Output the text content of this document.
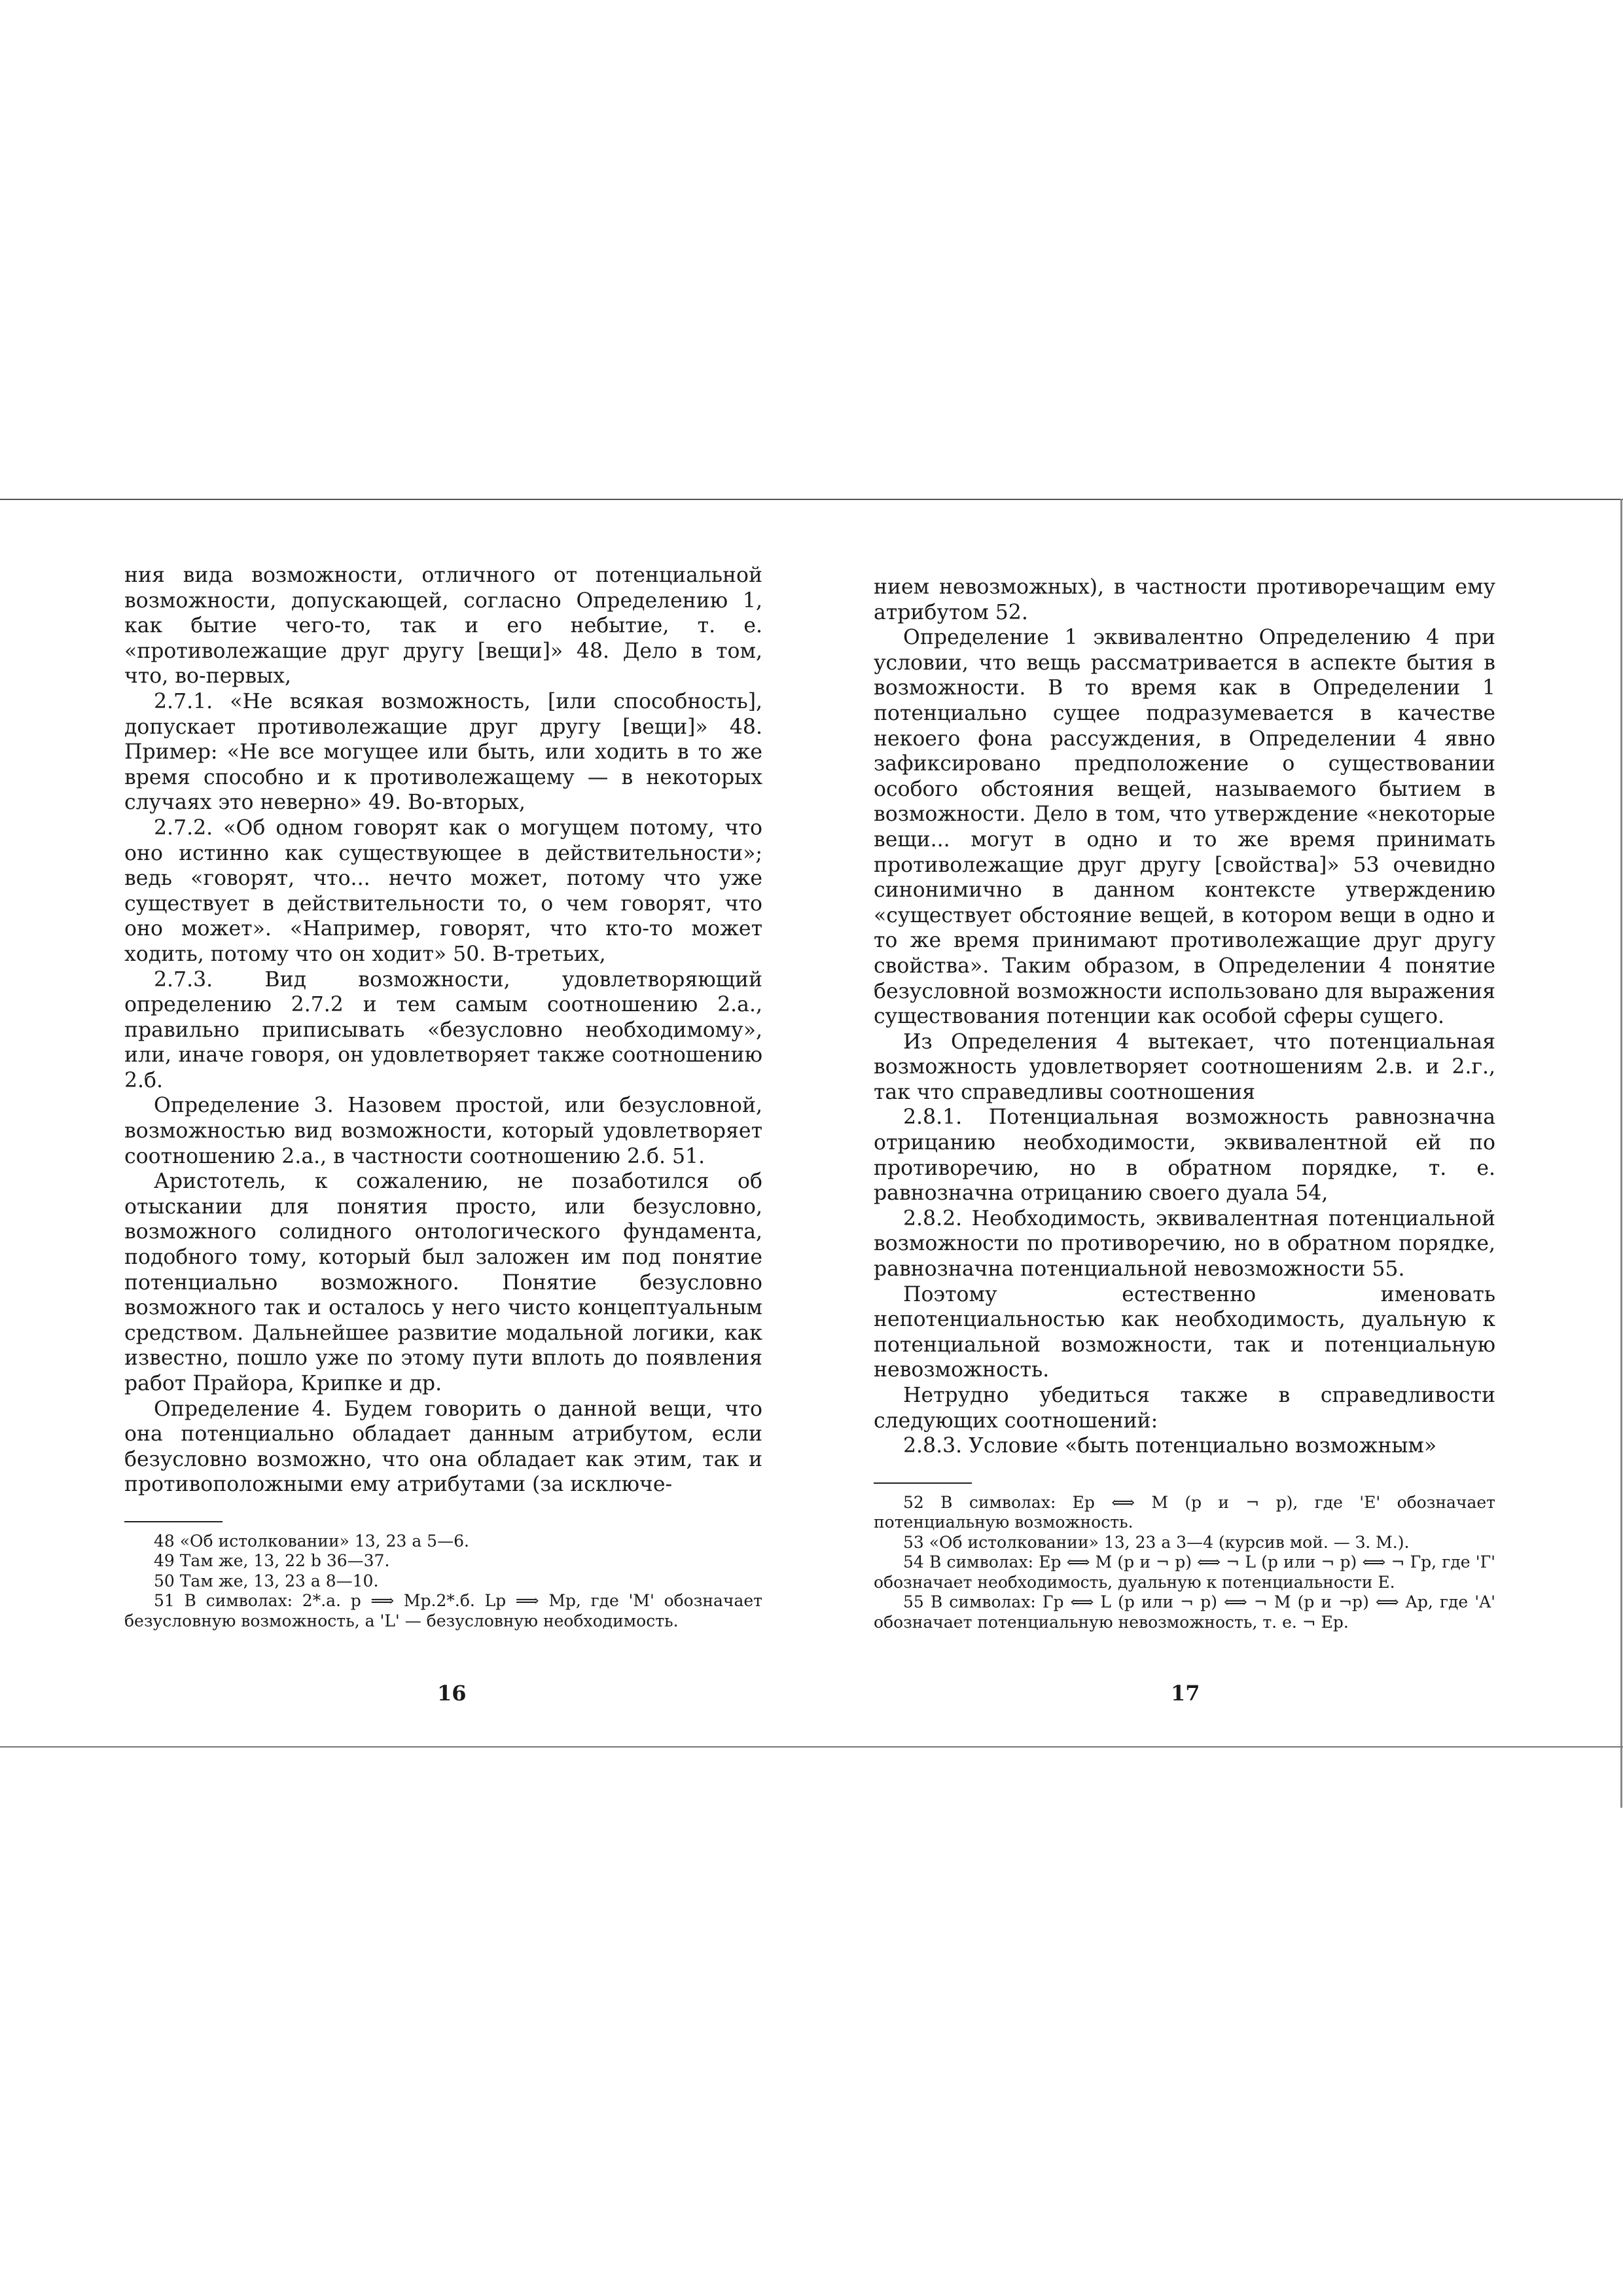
ния вида возможности, отличного от потенциальной возможности, допускающей, согласно Определению 1, как бытие чего-то, так и его небытие, т. е. «противолежащие друг другу [вещи]» 48. Дело в том, что, во-первых,

2.7.1. «Не всякая возможность, [или способность], допускает противолежащие друг другу [вещи]» 48. Пример: «Не все могущее или быть, или ходить в то же время способно и к противолежащему — в некоторых случаях это неверно» 49. Во-вторых,

2.7.2. «Об одном говорят как о могущем потому, что оно истинно как существующее в действительности»; ведь «говорят, что... нечто может, потому что уже существует в действительности то, о чем говорят, что оно может». «Например, говорят, что кто-то может ходить, потому что он ходит» 50. В-третьих,

2.7.3. Вид возможности, удовлетворяющий определению 2.7.2 и тем самым соотношению 2.а., правильно приписывать «безусловно необходимому», или, иначе говоря, он удовлетворяет также соотношению 2.б.

Определение 3. Назовем простой, или безусловной, возможностью вид возможности, который удовлетворяет соотношению 2.а., в частности соотношению 2.б. 51.

Аристотель, к сожалению, не позаботился об отыскании для понятия просто, или безусловно, возможного солидного онтологического фундамента, подобного тому, который был заложен им под понятие потенциально возможного. Понятие безусловно возможного так и осталось у него чисто концептуальным средством. Дальнейшее развитие модальной логики, как известно, пошло уже по этому пути вплоть до появления работ Прайора, Крипке и др.

Определение 4. Будем говорить о данной вещи, что она потенциально обладает данным атрибутом, если безусловно возможно, что она обладает как этим, так и противоположными ему атрибутами (за исключе-

48 «Об истолковании» 13, 23 а 5—6.

49 Там же, 13, 22 b 36—37.

50 Там же, 13, 23 а 8—10.

51 В символах: 2*.а. p ⟹ Mp.2*.б. Lp ⟹ Mp, где 'M' обозначает безусловную возможность, а 'L' — безусловную необходимость.

16

нием невозможных), в частности противоречащим ему атрибутом 52.

Определение 1 эквивалентно Определению 4 при условии, что вещь рассматривается в аспекте бытия в возможности. В то время как в Определении 1 потенциально сущее подразумевается в качестве некоего фона рассуждения, в Определении 4 явно зафиксировано предположение о существовании особого обстояния вещей, называемого бытием в возможности. Дело в том, что утверждение «некоторые вещи... могут в одно и то же время принимать противолежащие друг другу [свойства]» 53 очевидно синонимично в данном контексте утверждению «существует обстояние вещей, в котором вещи в одно и то же время принимают противолежащие друг другу свойства». Таким образом, в Определении 4 понятие безусловной возможности использовано для выражения существования потенции как особой сферы сущего.

Из Определения 4 вытекает, что потенциальная возможность удовлетворяет соотношениям 2.в. и 2.г., так что справедливы соотношения

2.8.1. Потенциальная возможность равнозначна отрицанию необходимости, эквивалентной ей по противоречию, но в обратном порядке, т. е. равнозначна отрицанию своего дуала 54,

2.8.2. Необходимость, эквивалентная потенциальной возможности по противоречию, но в обратном порядке, равнозначна потенциальной невозможности 55.

Поэтому естественно именовать непотенциальностью как необходимость, дуальную к потенциальной возможности, так и потенциальную невозможность.

Нетрудно убедиться также в справедливости следующих соотношений:

2.8.3. Условие «быть потенциально возможным»

52 В символах: Ep ⟺ M (p и ¬ p), где 'E' обозначает потенциальную возможность.

53 «Об истолковании» 13, 23 а 3—4 (курсив мой. — З. М.).

54 В символах: Ep ⟺ M (p и ¬ p) ⟺ ¬ L (p или ¬ p) ⟺ ¬ Гp, где 'Г' обозначает необходимость, дуальную к потенциальности E.

55 В символах: Гp ⟺ L (p или ¬ p) ⟺ ¬ M (p и ¬p) ⟺ Ap, где 'A' обозначает потенциальную невозможность, т. е. ¬ Ep.

17
